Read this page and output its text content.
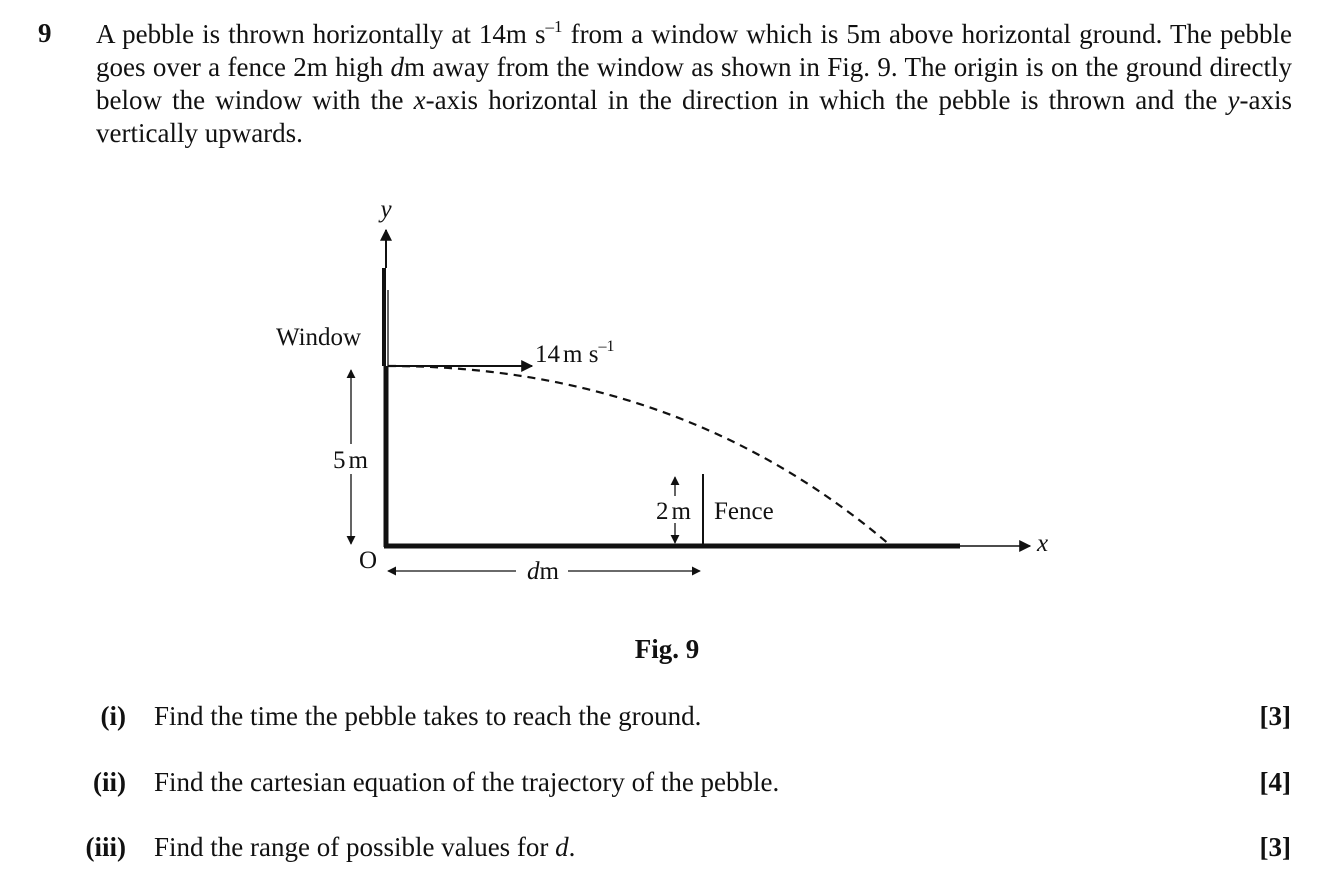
9 A pebble is thrown horizontally at 14m $s^{-1}$ from a window which is 5m above horizontal ground. The pebble goes over a fence 2m high dm away from the window as shown in Fig. 9. The origin is on the ground directly below the window with the x-axis horizontal in the direction in which the pebble is thrown and the y-axis vertically upwards.
y
x
O
Window
14 m $s^{-1}$
5 m
2 m Fence
dm
Fig. 9
(i) Find the time the pebble takes to reach the ground.	[3]
(ii) Find the cartesian equation of the trajectory of the pebble.	[4]
(iii) Find the range of possible values for d.	[3]
